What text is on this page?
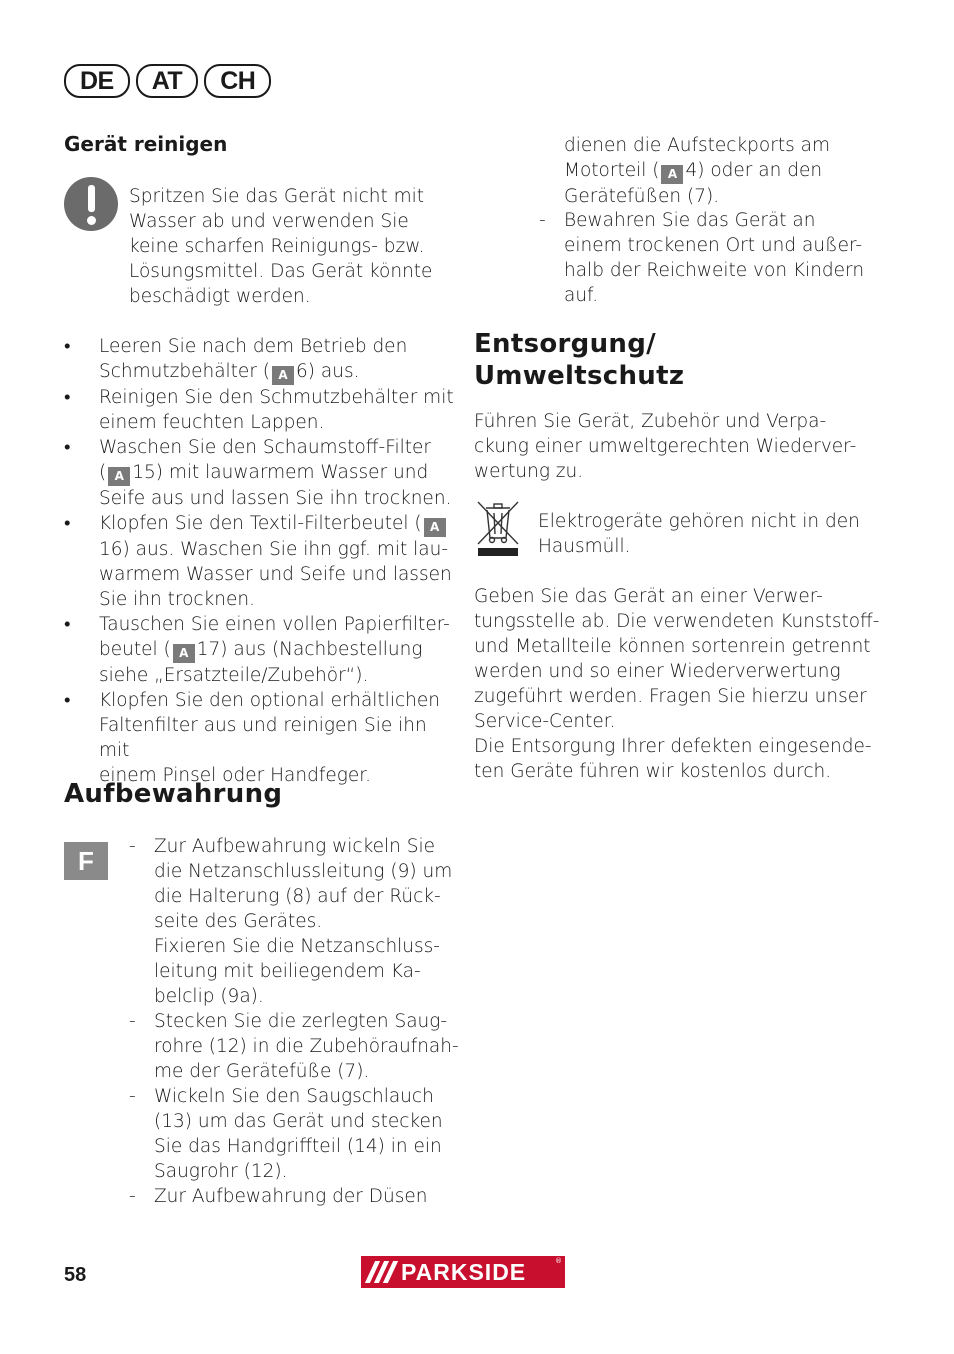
DE	AT	CH
Gerät reinigen
Spritzen Sie das Gerät nicht mit
Wasser ab und verwenden Sie
keine scharfen Reinigungs- bzw.
Lösungsmittel. Das Gerät könnte
beschädigt werden.
• Leeren Sie nach dem Betrieb den
Schmutzbehälter ( A 6) aus.
• Reinigen Sie den Schmutzbehälter mit
einem feuchten Lappen.
• Waschen Sie den Schaumstoff-Filter
( A 15) mit lauwarmem Wasser und
Seife aus und lassen Sie ihn trocknen.
• Klopfen Sie den Textil-Filterbeutel ( A
16) aus. Waschen Sie ihn ggf. mit lau-
warmem Wasser und Seife und lassen
Sie ihn trocknen.
• Tauschen Sie einen vollen Papierfilter-
beutel ( A 17) aus (Nachbestellung
siehe „Ersatzteile/Zubehör“).
• Klopfen Sie den optional erhältlichen
Faltenfilter aus und reinigen Sie ihn mit
einem Pinsel oder Handfeger.
Aufbewahrung
F	- Zur Aufbewahrung wickeln Sie
die Netzanschlussleitung (9) um
die Halterung (8) auf der Rück-
seite des Gerätes.
Fixieren Sie die Netzanschluss-
leitung mit beiliegendem Ka-
belclip (9a).
- Stecken Sie die zerlegten Saug-
rohre (12) in die Zubehöraufnah-
me der Gerätefüße (7).
- Wickeln Sie den Saugschlauch
(13) um das Gerät und stecken
Sie das Handgriffteil (14) in ein
Saugrohr (12).
- Zur Aufbewahrung der Düsen
dienen die Aufsteckports am
Motorteil ( A 4) oder an den
Gerätefüßen (7).
- Bewahren Sie das Gerät an
einem trockenen Ort und außer-
halb der Reichweite von Kindern
auf.
Entsorgung/
Umweltschutz
Führen Sie Gerät, Zubehör und Verpa-
ckung einer umweltgerechten Wiederver-
wertung zu.
Elektrogeräte gehören nicht in den
Hausmüll.
Geben Sie das Gerät an einer Verwer-
tungsstelle ab. Die verwendeten Kunststoff-
und Metallteile können sortenrein getrennt
werden und so einer Wiederverwertung
zugeführt werden. Fragen Sie hierzu unser
Service-Center.
Die Entsorgung Ihrer defekten eingesende-
ten Geräte führen wir kostenlos durch.
58	PARKSIDE	®
